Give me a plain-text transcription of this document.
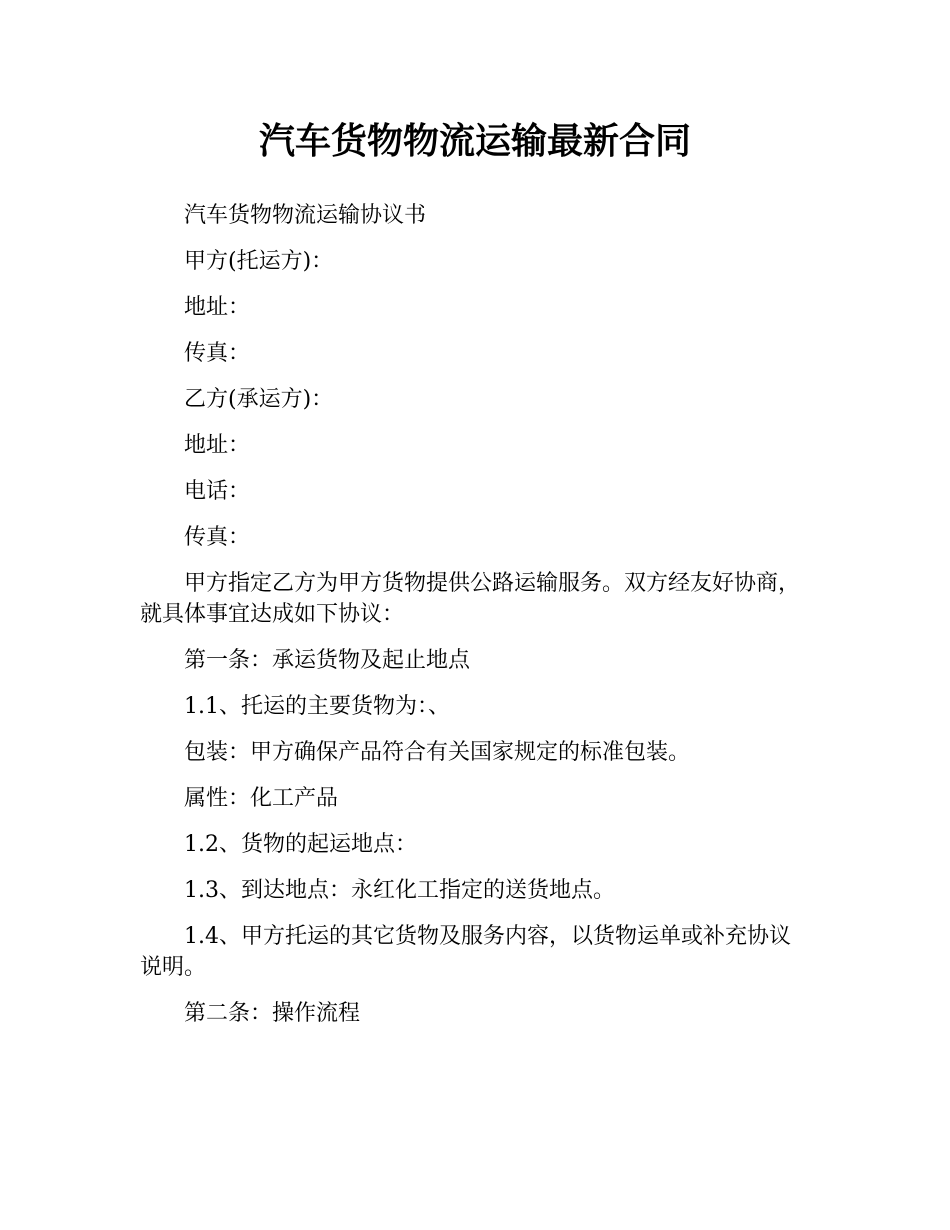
汽车货物物流运输最新合同

汽车货物物流运输协议书

甲方(托运方)：

地址：

传真：

乙方(承运方)：

地址：

电话：

传真：

甲方指定乙方为甲方货物提供公路运输服务。双方经友好协商，就具体事宜达成如下协议：

第一条：承运货物及起止地点

1.1、托运的主要货物为：、

包装：甲方确保产品符合有关国家规定的标准包装。

属性：化工产品

1.2、货物的起运地点：

1.3、到达地点：永红化工指定的送货地点。

1.4、甲方托运的其它货物及服务内容，以货物运单或补充协议说明。

第二条：操作流程
